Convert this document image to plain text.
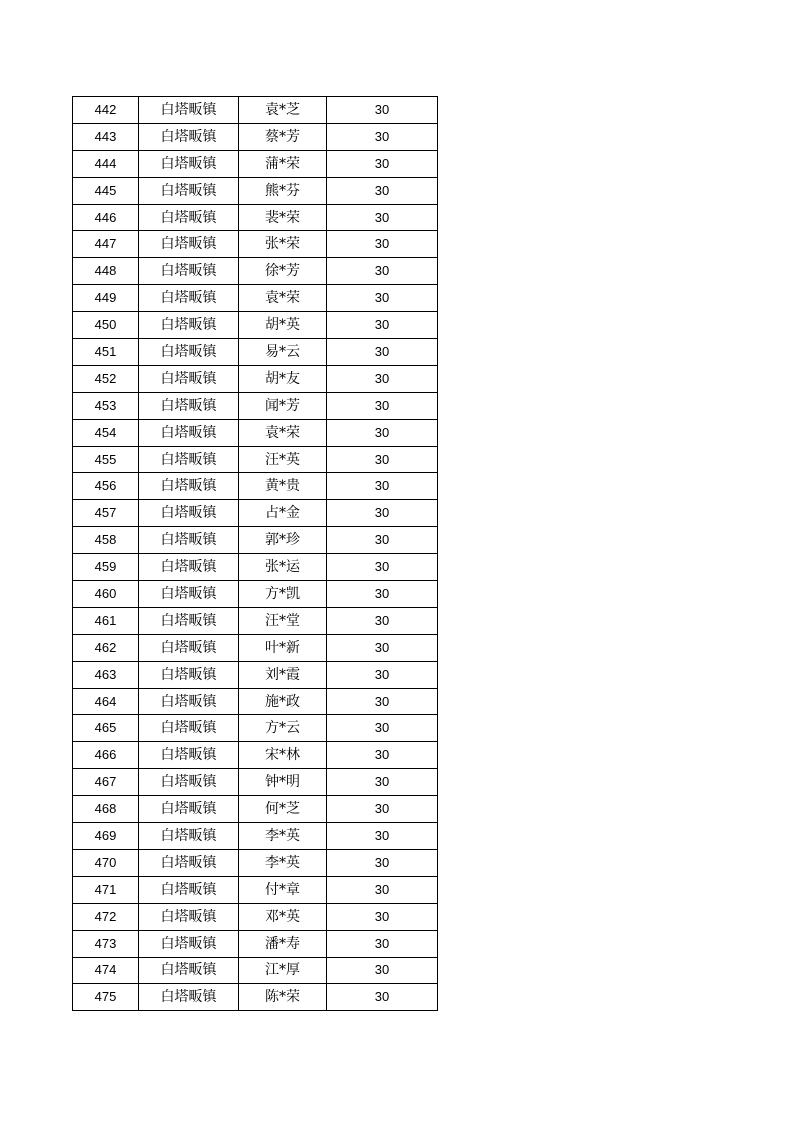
442	白塔畈镇	袁*芝	30
443	白塔畈镇	蔡*芳	30
444	白塔畈镇	蒲*荣	30
445	白塔畈镇	熊*芬	30
446	白塔畈镇	裴*荣	30
447	白塔畈镇	张*荣	30
448	白塔畈镇	徐*芳	30
449	白塔畈镇	袁*荣	30
450	白塔畈镇	胡*英	30
451	白塔畈镇	易*云	30
452	白塔畈镇	胡*友	30
453	白塔畈镇	闻*芳	30
454	白塔畈镇	袁*荣	30
455	白塔畈镇	汪*英	30
456	白塔畈镇	黄*贵	30
457	白塔畈镇	占*金	30
458	白塔畈镇	郭*珍	30
459	白塔畈镇	张*运	30
460	白塔畈镇	方*凯	30
461	白塔畈镇	汪*堂	30
462	白塔畈镇	叶*新	30
463	白塔畈镇	刘*霞	30
464	白塔畈镇	施*政	30
465	白塔畈镇	方*云	30
466	白塔畈镇	宋*林	30
467	白塔畈镇	钟*明	30
468	白塔畈镇	何*芝	30
469	白塔畈镇	李*英	30
470	白塔畈镇	李*英	30
471	白塔畈镇	付*章	30
472	白塔畈镇	邓*英	30
473	白塔畈镇	潘*寿	30
474	白塔畈镇	江*厚	30
475	白塔畈镇	陈*荣	30
